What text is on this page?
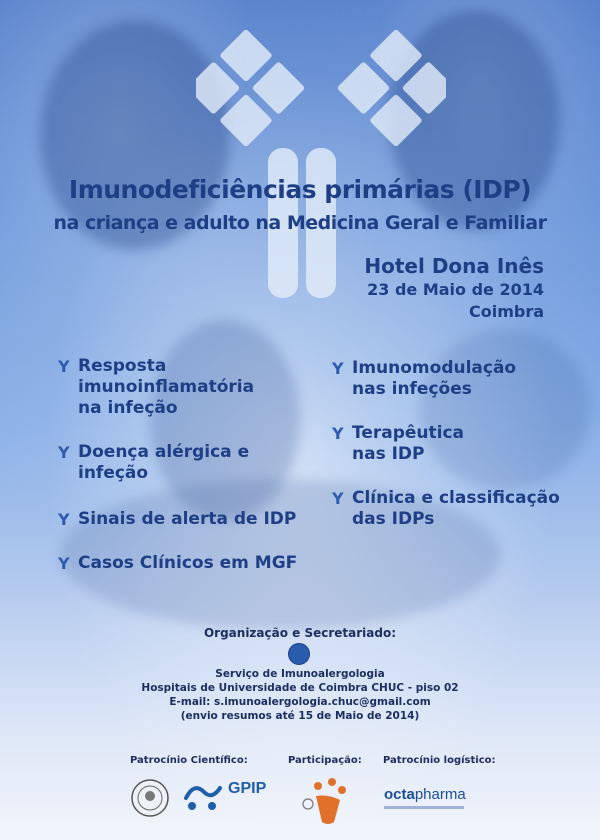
Imunodeficiências primárias (IDP)
na criança e adulto na Medicina Geral e Familiar
Hotel Dona Inês
23 de Maio de 2014
Coimbra
Y Resposta
imunoinflamatória
na infeção
Y Doença alérgica e
infeção
Y Sinais de alerta de IDP
Y Casos Clínicos em MGF
Y Imunomodulação
nas infeções
Y Terapêutica
nas IDP
Y Clínica e classificação
das IDPs
Organização e Secretariado:
Serviço de Imunoalergologia
Hospitais de Universidade de Coimbra CHUC - piso 02
E-mail: s.imunoalergologia.chuc@gmail.com
(envio resumos até 15 de Maio de 2014)
Patrocínio Científico:	Participação: Patrocínio logístico:
GPIP	octapharma
